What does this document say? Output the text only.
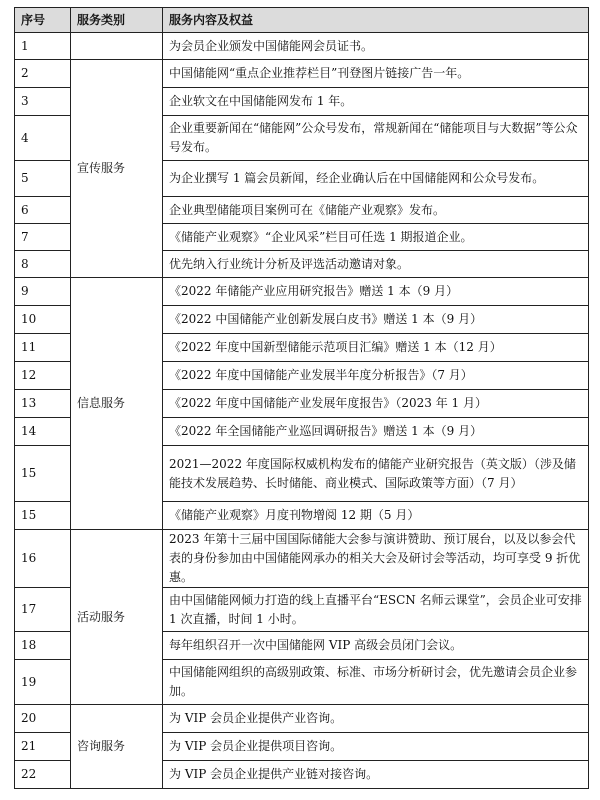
序号	服务类别	服务内容及权益
1		为会员企业颁发中国储能网会员证书。
2	宣传服务	中国储能网“重点企业推荐栏目”刊登图片链接广告一年。
3		企业软文在中国储能网发布 1 年。
4		企业重要新闻在“储能网”公众号发布，常规新闻在“储能项目与大数据”等公众号发布。
5		为企业撰写 1 篇会员新闻，经企业确认后在中国储能网和公众号发布。
6		企业典型储能项目案例可在《储能产业观察》发布。
7		《储能产业观察》“企业风采”栏目可任选 1 期报道企业。
8		优先纳入行业统计分析及评选活动邀请对象。
9	信息服务	《2022 年储能产业应用研究报告》赠送 1 本（9 月）
10		《2022 中国储能产业创新发展白皮书》赠送 1 本（9 月）
11		《2022 年度中国新型储能示范项目汇编》赠送 1 本（12 月）
12		《2022 年度中国储能产业发展半年度分析报告》（7 月）
13		《2022 年度中国储能产业发展年度报告》（2023 年 1 月）
14		《2022 年全国储能产业巡回调研报告》赠送 1 本（9 月）
15		2021—2022 年度国际权威机构发布的储能产业研究报告（英文版）（涉及储能技术发展趋势、长时储能、商业模式、国际政策等方面）（7 月）
15		《储能产业观察》月度刊物增阅 12 期（5 月）
16	活动服务	2023 年第十三届中国国际储能大会参与演讲赞助、预订展台，以及以参会代表的身份参加由中国储能网承办的相关大会及研讨会等活动，均可享受 9 折优惠。
17		由中国储能网倾力打造的线上直播平台“ESCN 名师云课堂”，会员企业可安排 1 次直播，时间 1 小时。
18		每年组织召开一次中国储能网 VIP 高级会员闭门会议。
19		中国储能网组织的高级别政策、标准、市场分析研讨会，优先邀请会员企业参加。
20	咨询服务	为 VIP 会员企业提供产业咨询。
21		为 VIP 会员企业提供项目咨询。
22		为 VIP 会员企业提供产业链对接咨询。
